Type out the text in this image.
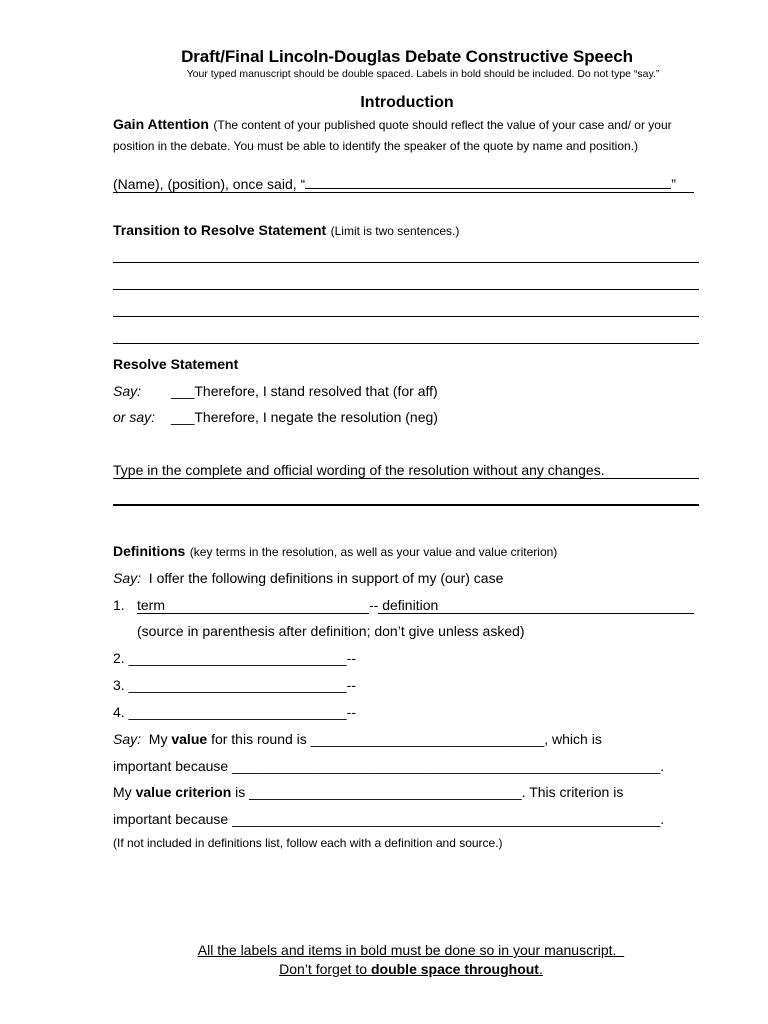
Draft/Final Lincoln-Douglas Debate Constructive Speech
Your typed manuscript should be double spaced. Labels in bold should be included. Do not type “say.”
Introduction
Gain Attention (The content of your published quote should reflect the value of your case and/ or your
position in the debate. You must be able to identify the speaker of the quote by name and position.)
(Name), (position), once said, “	”
Transition to Resolve Statement (Limit is two sentences.)
Resolve Statement
Say: ___Therefore, I stand resolved that (for aff)
or say: ___Therefore, I negate the resolution (neg)
Type in the complete and official wording of the resolution without any changes.
Definitions (key terms in the resolution, as well as your value and value criterion)
Say: I offer the following definitions in support of my (our) case
1. term	-- definition
(source in parenthesis after definition; don’t give unless asked)
2. ____________________________--
3. ____________________________--
4. ____________________________--
Say: My value for this round is ______________________________, which is
important because _______________________________________________________.
My value criterion is ___________________________________. This criterion is
important because _______________________________________________________.
(If not included in definitions list, follow each with a definition and source.)
All the labels and items in bold must be done so in your manuscript.
Don’t forget to double space throughout.
